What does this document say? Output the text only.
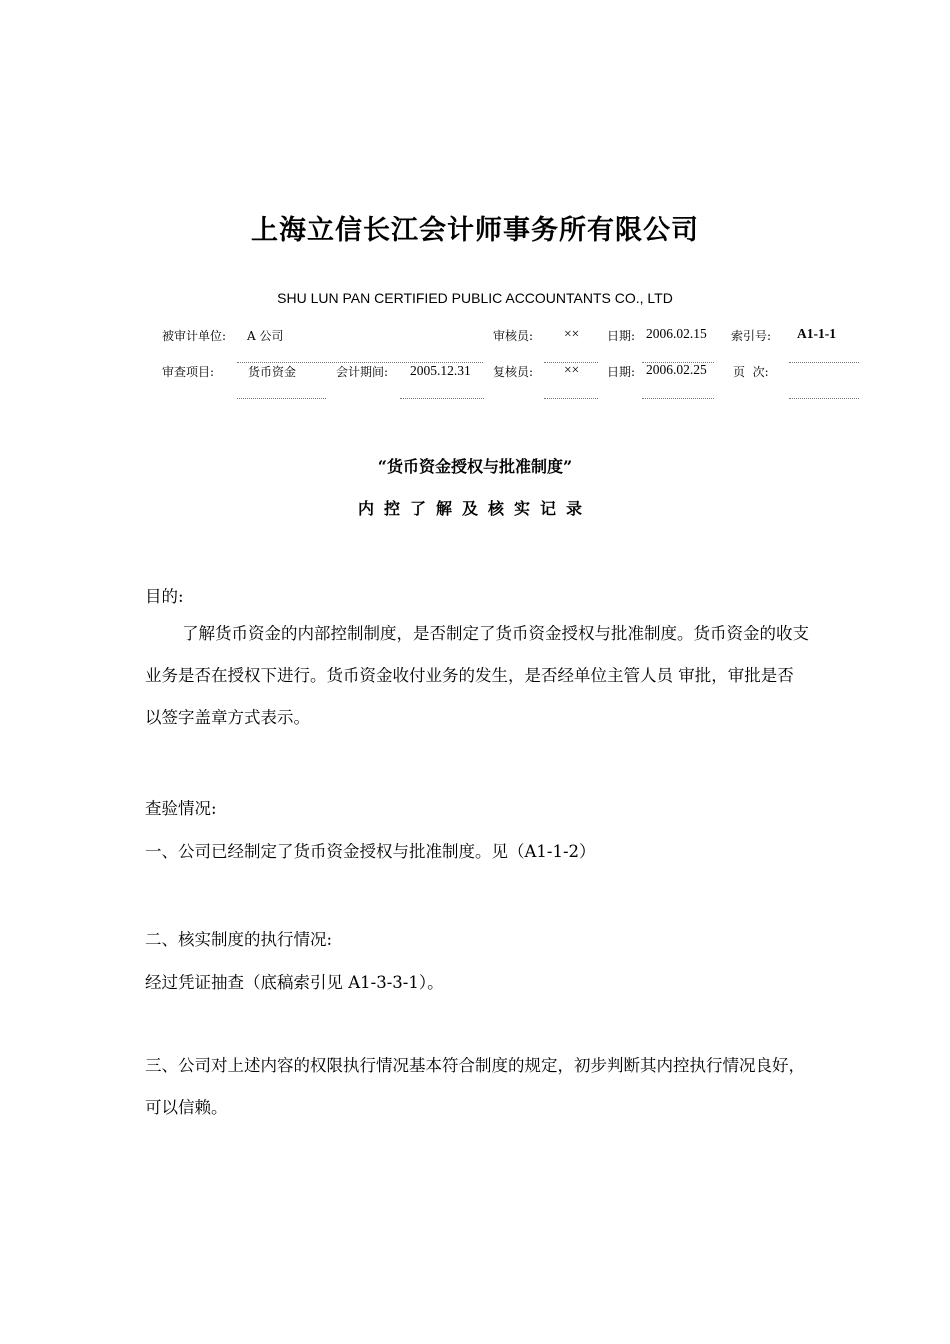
上海立信长江会计师事务所有限公司
SHU LUN PAN CERTIFIED PUBLIC ACCOUNTANTS CO., LTD
被审计单位: A 公司	审核员: ×× 日期: 2006.02.15 索引号: A1-1-1
审查项目:	货币资金	会计期间: 2005.12.31 复核员: ×× 日期: 2006.02.25 页  次:
“货币资金授权与批准制度”
内控了解及核实记录
目的:
了解货币资金的内部控制制度，是否制定了货币资金授权与批准制度。货币资金的收支业务是否在授权下进行。货币资金收付业务的发生，是否经单位主管人员 审批，审批是否以签字盖章方式表示。
查验情况:
一、公司已经制定了货币资金授权与批准制度。见（A1-1-2）
二、核实制度的执行情况:
经过凭证抽查（底稿索引见 A1-3-3-1）。
三、公司对上述内容的权限执行情况基本符合制度的规定，初步判断其内控执行情况良好，可以信赖。
